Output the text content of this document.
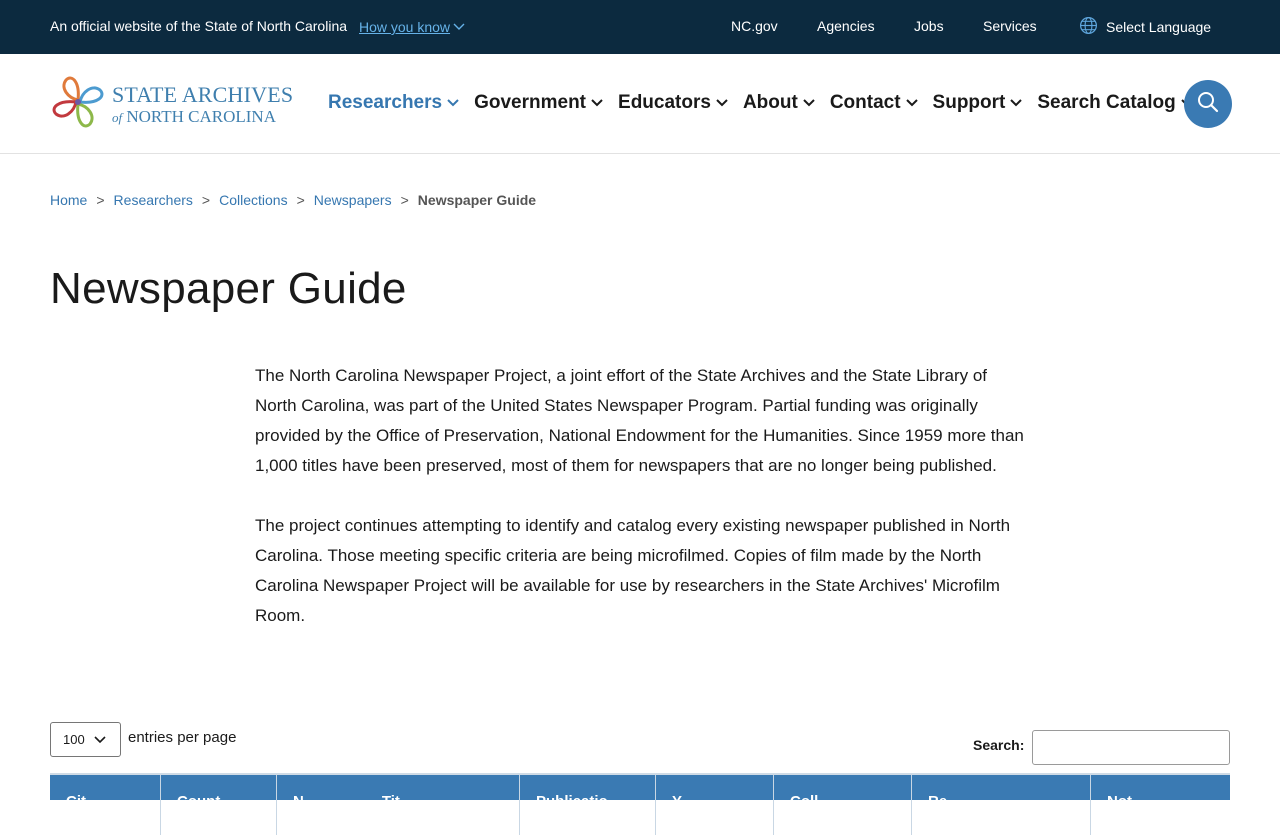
An official website of the State of North Carolina How you know	NC.gov	Agencies	Jobs	Services	Select Language
STATE ARCHIVES
of NORTH CAROLINA
Researchers Government Educators About Contact Support Search Catalog
Home > Researchers > Collections > Newspapers > Newspaper Guide
Newspaper Guide

The North Carolina Newspaper Project, a joint effort of the State Archives and the State Library of North Carolina, was part of the United States Newspaper Program. Partial funding was originally provided by the Office of Preservation, National Endowment for the Humanities. Since 1959 more than 1,000 titles have been preserved, most of them for newspapers that are no longer being published.

The project continues attempting to identify and catalog every existing newspaper published in North Carolina. Those meeting specific criteria are being microfilmed. Copies of film made by the North Carolina Newspaper Project will be available for use by researchers in the State Archives' Microfilm Room.

100	entries per page	Search:
Cit	Count	N	Tit	Publicatio	Y	Coll	Re	Not
